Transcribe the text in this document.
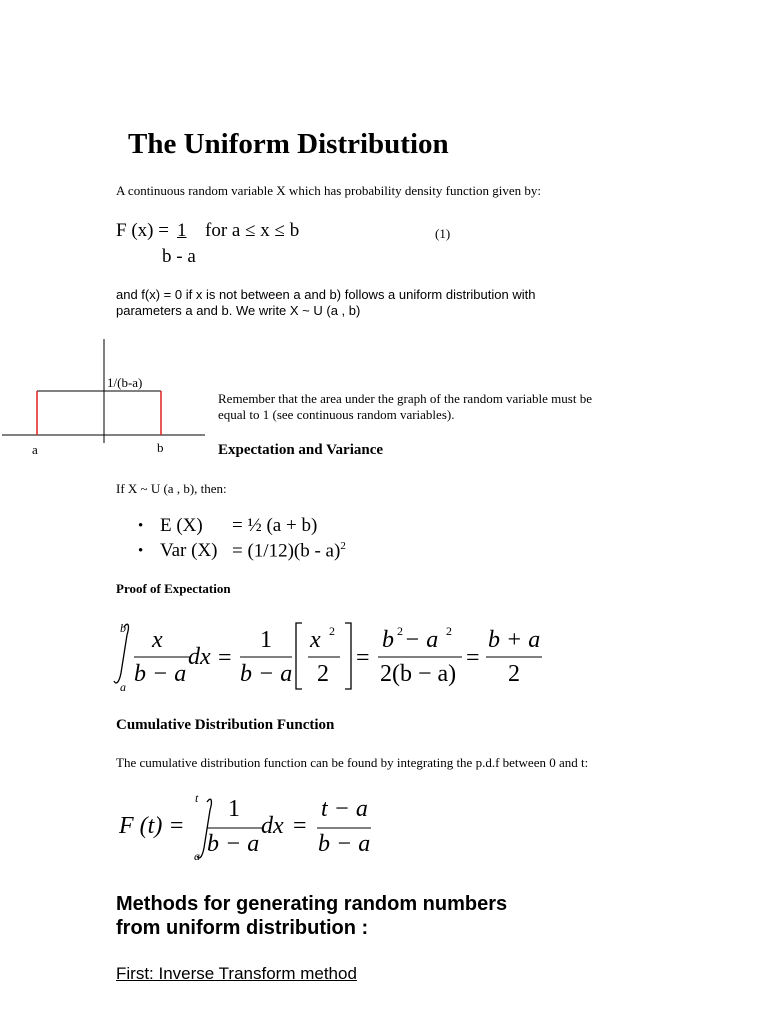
The Uniform Distribution
A continuous random variable X which has probability density function given by:
F (x) = 1 for a ≤ x ≤ b
b - a
(1)
and f(x) = 0 if x is not between a and b) follows a uniform distribution with
parameters a and b. We write X ~ U (a , b)
1/(b-a)
a	b
Remember that the area under the graph of the random variable must be
equal to 1 (see continuous random variables).
Expectation and Variance
If X ~ U (a , b), then:
• E (X) = ½ (a + b)
• Var (X) = (1/12)(b - a)$^2$
Proof of Expectation
b
a
x
b − a
dx =
1
b − a
x 2
2
=
b 2 − a 2
2(b − a)
=
b + a
2
Cumulative Distribution Function
The cumulative distribution function can be found by integrating the p.d.f between 0 and t:
F (t) =
t
a
1
b − a
dx =
t − a
b − a
Methods for generating random numbers
from uniform distribution :
First: Inverse Transform method
